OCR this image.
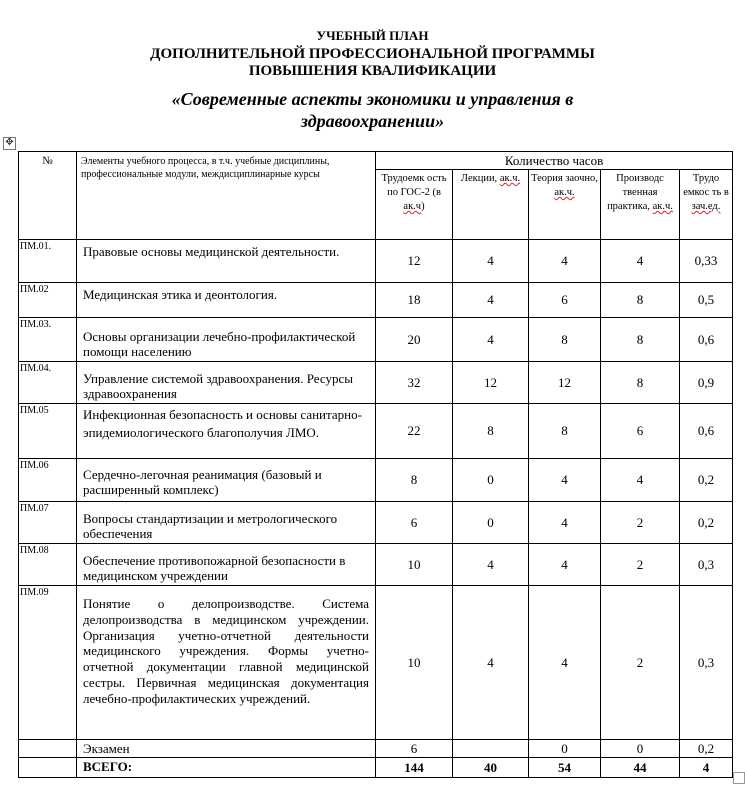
УЧЕБНЫЙ ПЛАН
ДОПОЛНИТЕЛЬНОЙ ПРОФЕССИОНАЛЬНОЙ ПРОГРАММЫ
ПОВЫШЕНИЯ КВАЛИФИКАЦИИ
«Современные аспекты экономики и управления в здравоохранении»
✥
№	Элементы учебного процесса, в т.ч. учебные дисциплины, профессиональные модули, междисциплинарные курсы	Количество часов				
		Трудоемк ость по ГОС-2 (в ак.ч)	Лекции, ак.ч.	Теория заочно, ак.ч.	Производс твенная практика, ак.ч.	Трудо емкос ть в зач.ед.
ПМ.01.	Правовые основы медицинской деятельности.	12	4	4	4	0,33
ПМ.02	Медицинская этика и деонтология.	18	4	6	8	0,5
ПМ.03.	Основы организации лечебно-профилактической помощи населению	20	4	8	8	0,6
ПМ.04.	Управление системой здравоохранения. Ресурсы здравоохранения	32	12	12	8	0,9
ПМ.05	Инфекционная безопасность и основы санитарно-эпидемиологического благополучия ЛМО.	22	8	8	6	0,6
ПМ.06	Сердечно-легочная реанимация (базовый и расширенный комплекс)	8	0	4	4	0,2
ПМ.07	Вопросы стандартизации и метрологического обеспечения	6	0	4	2	0,2
ПМ.08	Обеспечение противопожарной безопасности в медицинском учреждении	10	4	4	2	0,3
ПМ.09	Понятие о делопроизводстве. Система делопроизводства в медицинском учреждении. Организация учетно-отчетной деятельности медицинского учреждения. Формы учетно-отчетной документации главной медицинской сестры. Первичная медицинская документация лечебно-профилактических учреждений.	10	4	4	2	0,3
	Экзамен	6		0	0	0,2
	ВСЕГО:	144	40	54	44	4
